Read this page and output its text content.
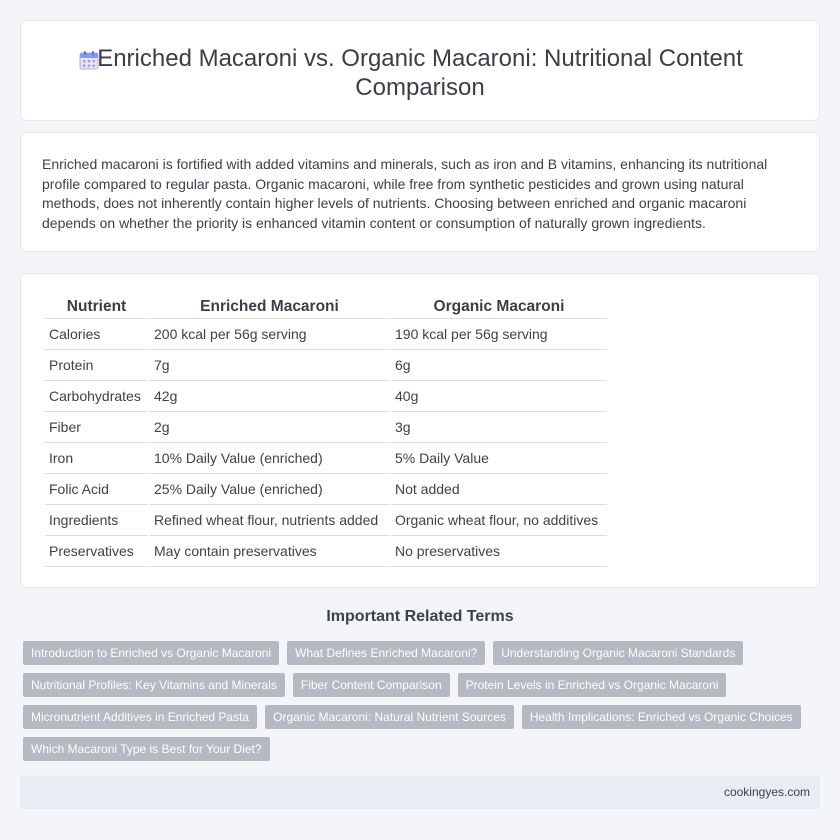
Enriched Macaroni vs. Organic Macaroni: Nutritional Content Comparison

Enriched macaroni is fortified with added vitamins and minerals, such as iron and B vitamins, enhancing its nutritional profile compared to regular pasta. Organic macaroni, while free from synthetic pesticides and grown using natural methods, does not inherently contain higher levels of nutrients. Choosing between enriched and organic macaroni depends on whether the priority is enhanced vitamin content or consumption of naturally grown ingredients.

Nutrient	Enriched Macaroni	Organic Macaroni
Calories	200 kcal per 56g serving	190 kcal per 56g serving
Protein	7g	6g
Carbohydrates	42g	40g
Fiber	2g	3g
Iron	10% Daily Value (enriched)	5% Daily Value
Folic Acid	25% Daily Value (enriched)	Not added
Ingredients	Refined wheat flour, nutrients added	Organic wheat flour, no additives
Preservatives	May contain preservatives	No preservatives
Important Related Terms
Introduction to Enriched vs Organic Macaroni	What Defines Enriched Macaroni?	Understanding Organic Macaroni Standards
Nutritional Profiles: Key Vitamins and Minerals	Fiber Content Comparison	Protein Levels in Enriched vs Organic Macaroni
Micronutrient Additives in Enriched Pasta	Organic Macaroni: Natural Nutrient Sources	Health Implications: Enriched vs Organic Choices
Which Macaroni Type is Best for Your Diet?
cookingyes.com
